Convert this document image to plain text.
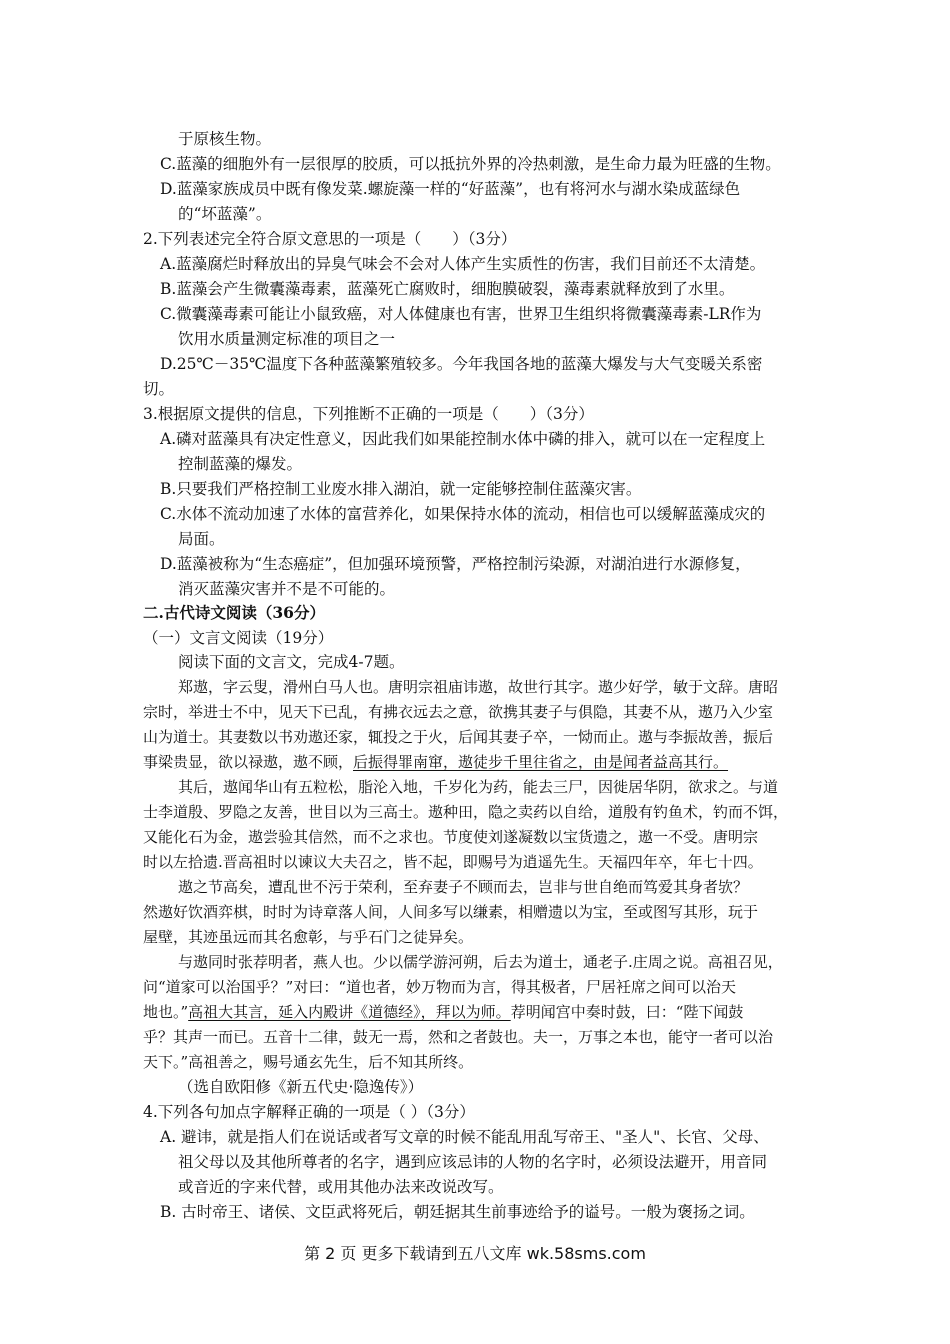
于原核生物。
C.蓝藻的细胞外有一层很厚的胶质，可以抵抗外界的冷热刺激，是生命力最为旺盛的生物。
D.蓝藻家族成员中既有像发菜.螺旋藻一样的“好蓝藻”，也有将河水与湖水染成蓝绿色
的“坏蓝藻”。
2.下列表述完全符合原文意思的一项是（　　）（3分）
A.蓝藻腐烂时释放出的异臭气味会不会对人体产生实质性的伤害，我们目前还不太清楚。
B.蓝藻会产生微囊藻毒素，蓝藻死亡腐败时，细胞膜破裂，藻毒素就释放到了水里。
C.微囊藻毒素可能让小鼠致癌，对人体健康也有害，世界卫生组织将微囊藻毒素-LR作为
饮用水质量测定标准的项目之一
D.25℃－35℃温度下各种蓝藻繁殖较多。今年我国各地的蓝藻大爆发与大气变暖关系密
切。
3.根据原文提供的信息，下列推断不正确的一项是（　　）（3分）
A.磷对蓝藻具有决定性意义，因此我们如果能控制水体中磷的排入，就可以在一定程度上
控制蓝藻的爆发。
B.只要我们严格控制工业废水排入湖泊，就一定能够控制住蓝藻灾害。
C.水体不流动加速了水体的富营养化，如果保持水体的流动，相信也可以缓解蓝藻成灾的
局面。
D.蓝藻被称为“生态癌症”，但加强环境预警，严格控制污染源，对湖泊进行水源修复，
消灭蓝藻灾害并不是不可能的。
二.古代诗文阅读（36分）
（一）文言文阅读（19分）
阅读下面的文言文，完成4-7题。
郑遨，字云叟，滑州白马人也。唐明宗祖庙讳遨，故世行其字。遨少好学，敏于文辞。唐昭
宗时，举进士不中，见天下已乱，有拂衣远去之意，欲携其妻子与俱隐，其妻不从，遨乃入少室
山为道士。其妻数以书劝遨还家，辄投之于火，后闻其妻子卒，一恸而止。遨与李振故善，振后
事梁贵显，欲以禄遨，遨不顾，后振得罪南窜，遨徒步千里往省之，由是闻者益高其行。
其后，遨闻华山有五粒松，脂沦入地，千岁化为药，能去三尸，因徙居华阴，欲求之。与道
士李道殷、罗隐之友善，世目以为三高士。遨种田，隐之卖药以自给，道殷有钓鱼术，钓而不饵，
又能化石为金，遨尝验其信然，而不之求也。节度使刘遂凝数以宝货遗之，遨一不受。唐明宗
时以左拾遗.晋高祖时以谏议大夫召之，皆不起，即赐号为逍遥先生。天福四年卒，年七十四。
遨之节高矣，遭乱世不污于荣利，至弃妻子不顾而去，岂非与世自绝而笃爱其身者欤？
然遨好饮酒弈棋，时时为诗章落人间，人间多写以缣素，相赠遗以为宝，至或图写其形，玩于
屋壁，其迹虽远而其名愈彰，与乎石门之徒异矣。
与遨同时张荐明者，燕人也。少以儒学游河朔，后去为道士，通老子.庄周之说。高祖召见，
问“道家可以治国乎？”对曰：“道也者，妙万物而为言，得其极者，尸居衽席之间可以治天
地也。”高祖大其言，延入内殿讲《道德经》，拜以为师。荐明闻宫中奏时鼓，曰：“陛下闻鼓
乎？其声一而已。五音十二律，鼓无一焉，然和之者鼓也。夫一，万事之本也，能守一者可以治
天下。”高祖善之，赐号通玄先生，后不知其所终。
（选自欧阳修《新五代史·隐逸传》）
4.下列各句加点字解释正确的一项是（ ）（3分）
A. 避讳，就是指人们在说话或者写文章的时候不能乱用乱写帝王、"圣人"、长官、父母、
祖父母以及其他所尊者的名字，遇到应该忌讳的人物的名字时，必须设法避开，用音同
或音近的字来代替，或用其他办法来改说改写。
B. 古时帝王、诸侯、文臣武将死后，朝廷据其生前事迹给予的谥号。一般为褒扬之词。
第 2 页 更多下载请到五八文库 wk.58sms.com
